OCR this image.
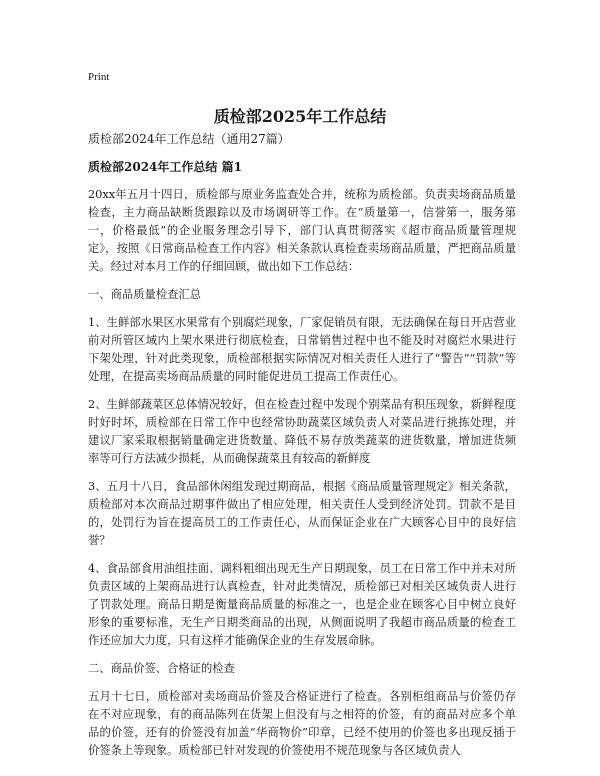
Print
质检部2025年工作总结
质检部2024年工作总结（通用27篇）
质检部2024年工作总结 篇1

20xx年五月十四日，质检部与原业务监查处合并，统称为质检部。负责卖场商品质量检查，主力商品缺断货跟踪以及市场调研等工作。在“质量第一，信誉第一，服务第一，价格最低”的企业服务理念引导下，部门认真贯彻落实《超市商品质量管理规定》，按照《日常商品检查工作内容》相关条款认真检查卖场商品质量，严把商品质量关。经过对本月工作的仔细回顾，做出如下工作总结：

一、商品质量检查汇总

1、生鲜部水果区水果常有个别腐烂现象，厂家促销员有限，无法确保在每日开店营业前对所管区域内上架水果进行彻底检查，日常销售过程中也不能及时对腐烂水果进行下架处理，针对此类现象，质检部根据实际情况对相关责任人进行了“警告”“罚款”等处理，在提高卖场商品质量的同时能促进员工提高工作责任心。

2、生鲜部蔬菜区总体情况较好，但在检查过程中发现个别菜品有积压现象，新鲜程度时好时坏，质检部在日常工作中也经常协助蔬菜区域负责人对菜品进行挑拣处理，并建议厂家采取根据销量确定进货数量、降低不易存放类蔬菜的进货数量，增加进货频率等可行方法减少损耗，从而确保蔬菜且有较高的新鲜度

3、五月十八日，食品部休闲组发现过期商品，根据《商品质量管理规定》相关条款，质检部对本次商品过期事件做出了相应处理，相关责任人受到经济处罚。罚款不是目的，处罚行为旨在提高员工的工作责任心，从而保证企业在广大顾客心目中的良好信誉？

4、食品部食用油组挂面、调料粗细出现无生产日期现象，员工在日常工作中并未对所负责区域的上架商品进行认真检查，针对此类情况，质检部已对相关区域负责人进行了罚款处理。商品日期是衡量商品质量的标准之一，也是企业在顾客心目中树立良好形象的重要标准，无生产日期类商品的出现，从侧面说明了我超市商品质量的检查工作还应加大力度，只有这样才能确保企业的生存发展命脉。

二、商品价签、合格证的检查

五月十七日，质检部对卖场商品价签及合格证进行了检查。各别柜组商品与价签仍存在不对应现象，有的商品陈列在货架上但没有与之相符的价签，有的商品对应多个单品的价签，还有的价签没有加盖“华商物价”印章，已经不使用的价签也多出现反插于价签条上等现象。质检部已针对发现的价签使用不规范现象与各区域负责人
